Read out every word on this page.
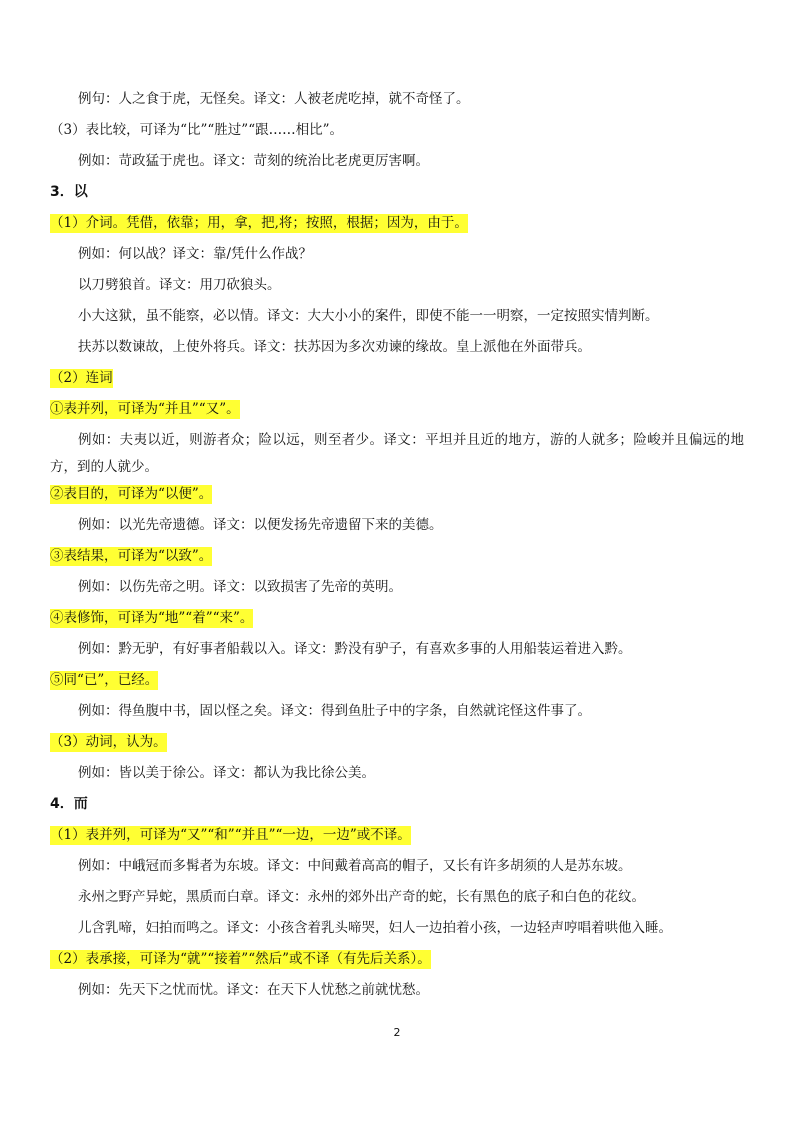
例句：人之食于虎，无怪矣。译文：人被老虎吃掉，就不奇怪了。
（3）表比较，可译为“比”“胜过”“跟……相比”。
例如：苛政猛于虎也。译文：苛刻的统治比老虎更厉害啊。
3．以
（1）介词。凭借，依靠；用，拿，把,将；按照，根据；因为，由于。
例如：何以战？译文：靠/凭什么作战？
以刀劈狼首。译文：用刀砍狼头。
小大这狱，虽不能察，必以情。译文：大大小小的案件，即使不能一一明察，一定按照实情判断。
扶苏以数谏故，上使外将兵。译文：扶苏因为多次劝谏的缘故。皇上派他在外面带兵。
（2）连词
①表并列，可译为“并且”“又”。
例如：夫夷以近，则游者众；险以远，则至者少。译文：平坦并且近的地方，游的人就多；险峻并且偏远的地方，到的人就少。
②表目的，可译为“以便”。
例如：以光先帝遗德。译文：以便发扬先帝遗留下来的美德。
③表结果，可译为“以致”。
例如：以伤先帝之明。译文：以致损害了先帝的英明。
④表修饰，可译为“地”“着”“来”。
例如：黔无驴，有好事者船载以入。译文：黔没有驴子，有喜欢多事的人用船装运着进入黔。
⑤同“已”，已经。
例如：得鱼腹中书，固以怪之矣。译文：得到鱼肚子中的字条，自然就诧怪这件事了。
（3）动词，认为。
例如：皆以美于徐公。译文：都认为我比徐公美。
4．而
（1）表并列，可译为“又”“和”“并且”“一边，一边”或不译。
例如：中峨冠而多髯者为东坡。译文：中间戴着高高的帽子，又长有许多胡须的人是苏东坡。
永州之野产异蛇，黑质而白章。译文：永州的郊外出产奇的蛇，长有黑色的底子和白色的花纹。
儿含乳啼，妇拍而鸣之。译文：小孩含着乳头啼哭，妇人一边拍着小孩，一边轻声哼唱着哄他入睡。
（2）表承接，可译为“就”“接着”“然后”或不译（有先后关系）。
例如：先天下之忧而忧。译文：在天下人忧愁之前就忧愁。
2
